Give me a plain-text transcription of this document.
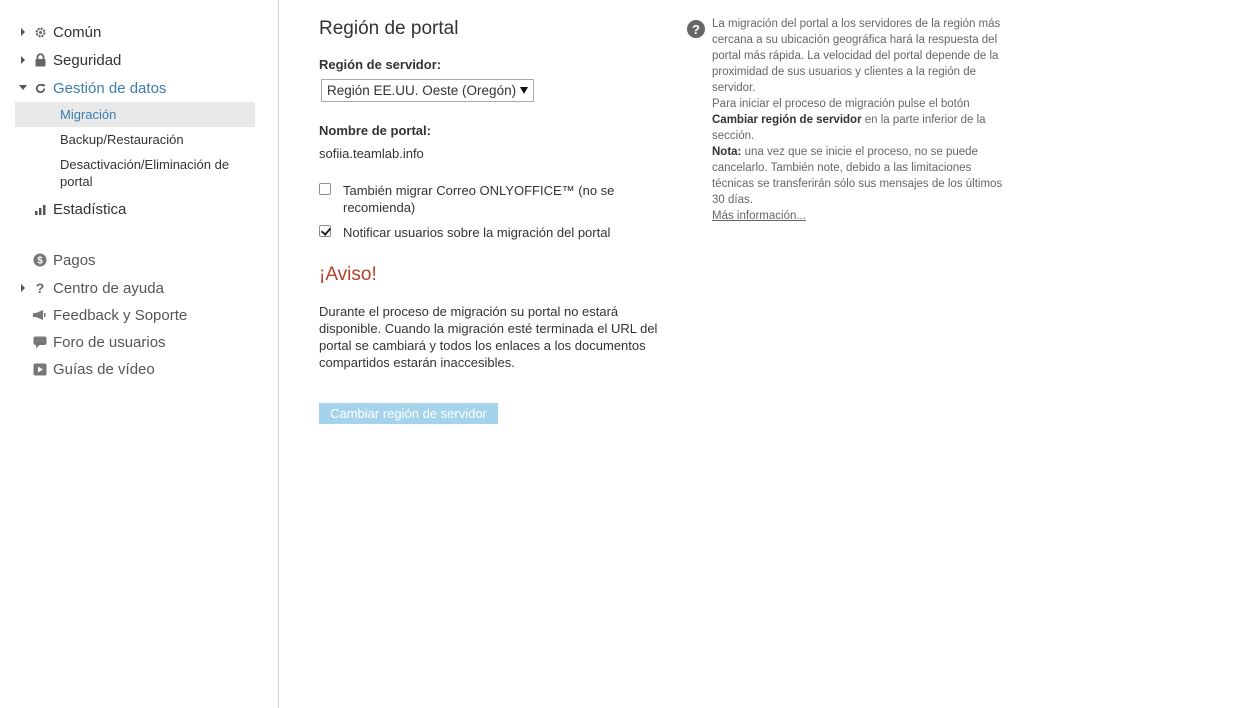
Común
Seguridad
Gestión de datos
Migración
Backup/Restauración
Desactivación/Eliminación de portal
Estadística
$ Pagos
? Centro de ayuda
Feedback y Soporte
Foro de usuarios
Guías de vídeo
Región de portal
Región de servidor:
Región EE.UU. Oeste (Oregón)
Nombre de portal:
sofiia.teamlab.info
También migrar Correo ONLYOFFICE™ (no se recomienda)
Notificar usuarios sobre la migración del portal
¡Aviso!
Durante el proceso de migración su portal no estará disponible. Cuando la migración esté terminada el URL del portal se cambiará y todos los enlaces a los documentos compartidos estarán inaccesibles.
Cambiar región de servidor
?	La migración del portal a los servidores de la región más cercana a su ubicación geográfica hará la respuesta del portal más rápida. La velocidad del portal depende de la proximidad de sus usuarios y clientes a la región de servidor.
Para iniciar el proceso de migración pulse el botón Cambiar región de servidor en la parte inferior de la sección.
Nota: una vez que se inicie el proceso, no se puede cancelarlo. También note, debido a las limitaciones técnicas se transferirán sólo sus mensajes de los últimos 30 días.
Más información...
